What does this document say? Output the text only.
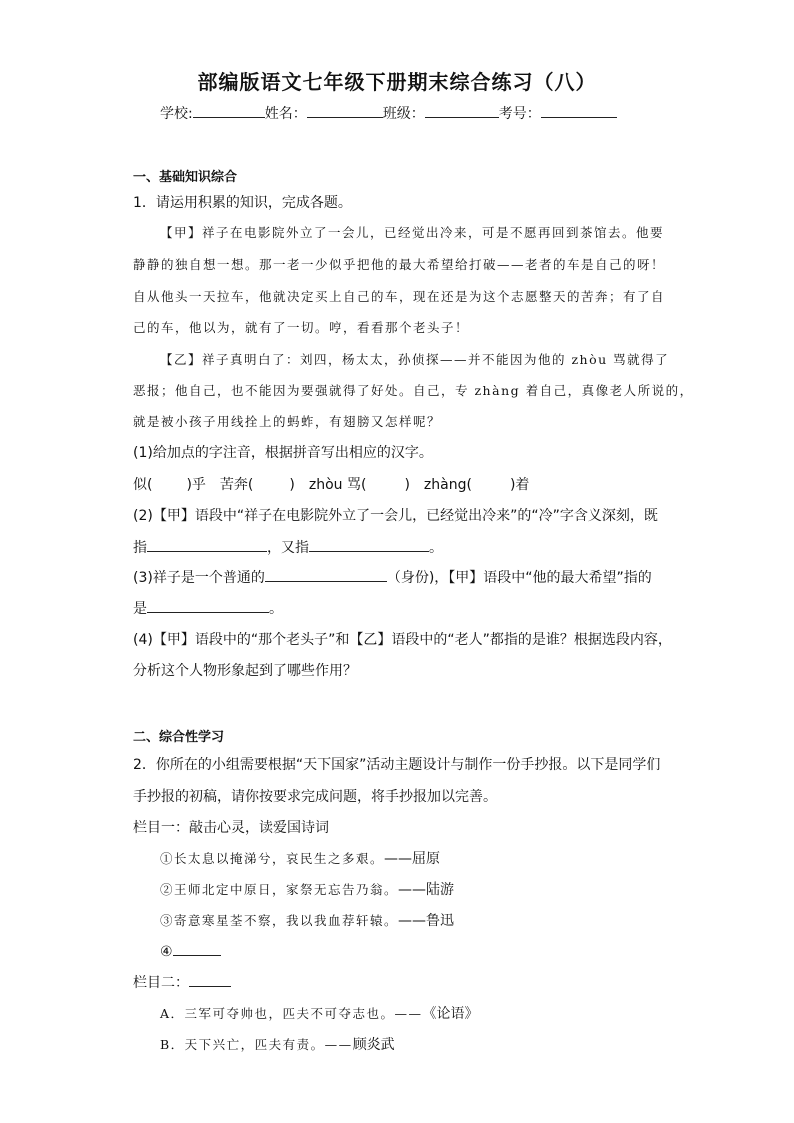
部编版语文七年级下册期末综合练习（八）
学校:	姓名：	班级：	考号：
一、基础知识综合
1．请运用积累的知识，完成各题。
【甲】祥子在电影院外立了一会儿，已经觉出冷来，可是不愿再回到茶馆去。他要
静静的独自想一想。那一老一少似乎把他的最大希望给打破——老者的车是自己的呀！
自从他头一天拉车，他就决定买上自己的车，现在还是为这个志愿整天的苦奔；有了自
己的车，他以为，就有了一切。哼，看看那个老头子！
【乙】祥子真明白了：刘四，杨太太，孙侦探——并不能因为他的 zhòu 骂就得了
恶报；他自己，也不能因为要强就得了好处。自己，专 zhàng 着自己，真像老人所说的，
就是被小孩子用线拴上的蚂蚱，有翅膀又怎样呢？
(1)给加点的字注音，根据拼音写出相应的汉字。
似( )乎　苦奔(	)　zhòu 骂(	)　zhàng(	)着
(2)【甲】语段中“祥子在电影院外立了一会儿，已经觉出冷来”的“冷”字含义深刻，既
指	，又指	。
(3)祥子是一个普通的	（身份)，【甲】语段中“他的最大希望”指的
是	。
(4)【甲】语段中的“那个老头子”和【乙】语段中的“老人”都指的是谁？根据选段内容，
分析这个人物形象起到了哪些作用？
二、综合性学习
2．你所在的小组需要根据“天下国家”活动主题设计与制作一份手抄报。以下是同学们
手抄报的初稿，请你按要求完成问题，将手抄报加以完善。
栏目一：敲击心灵，读爱国诗词
①长太息以掩涕兮，哀民生之多艰。——屈原
②王师北定中原日，家祭无忘告乃翁。——陆游
③寄意寒星荃不察，我以我血荐轩辕。——鲁迅
④
栏目二：
A．三军可夺帅也，匹夫不可夺志也。——《论语》
B．天下兴亡，匹夫有责。——顾炎武
